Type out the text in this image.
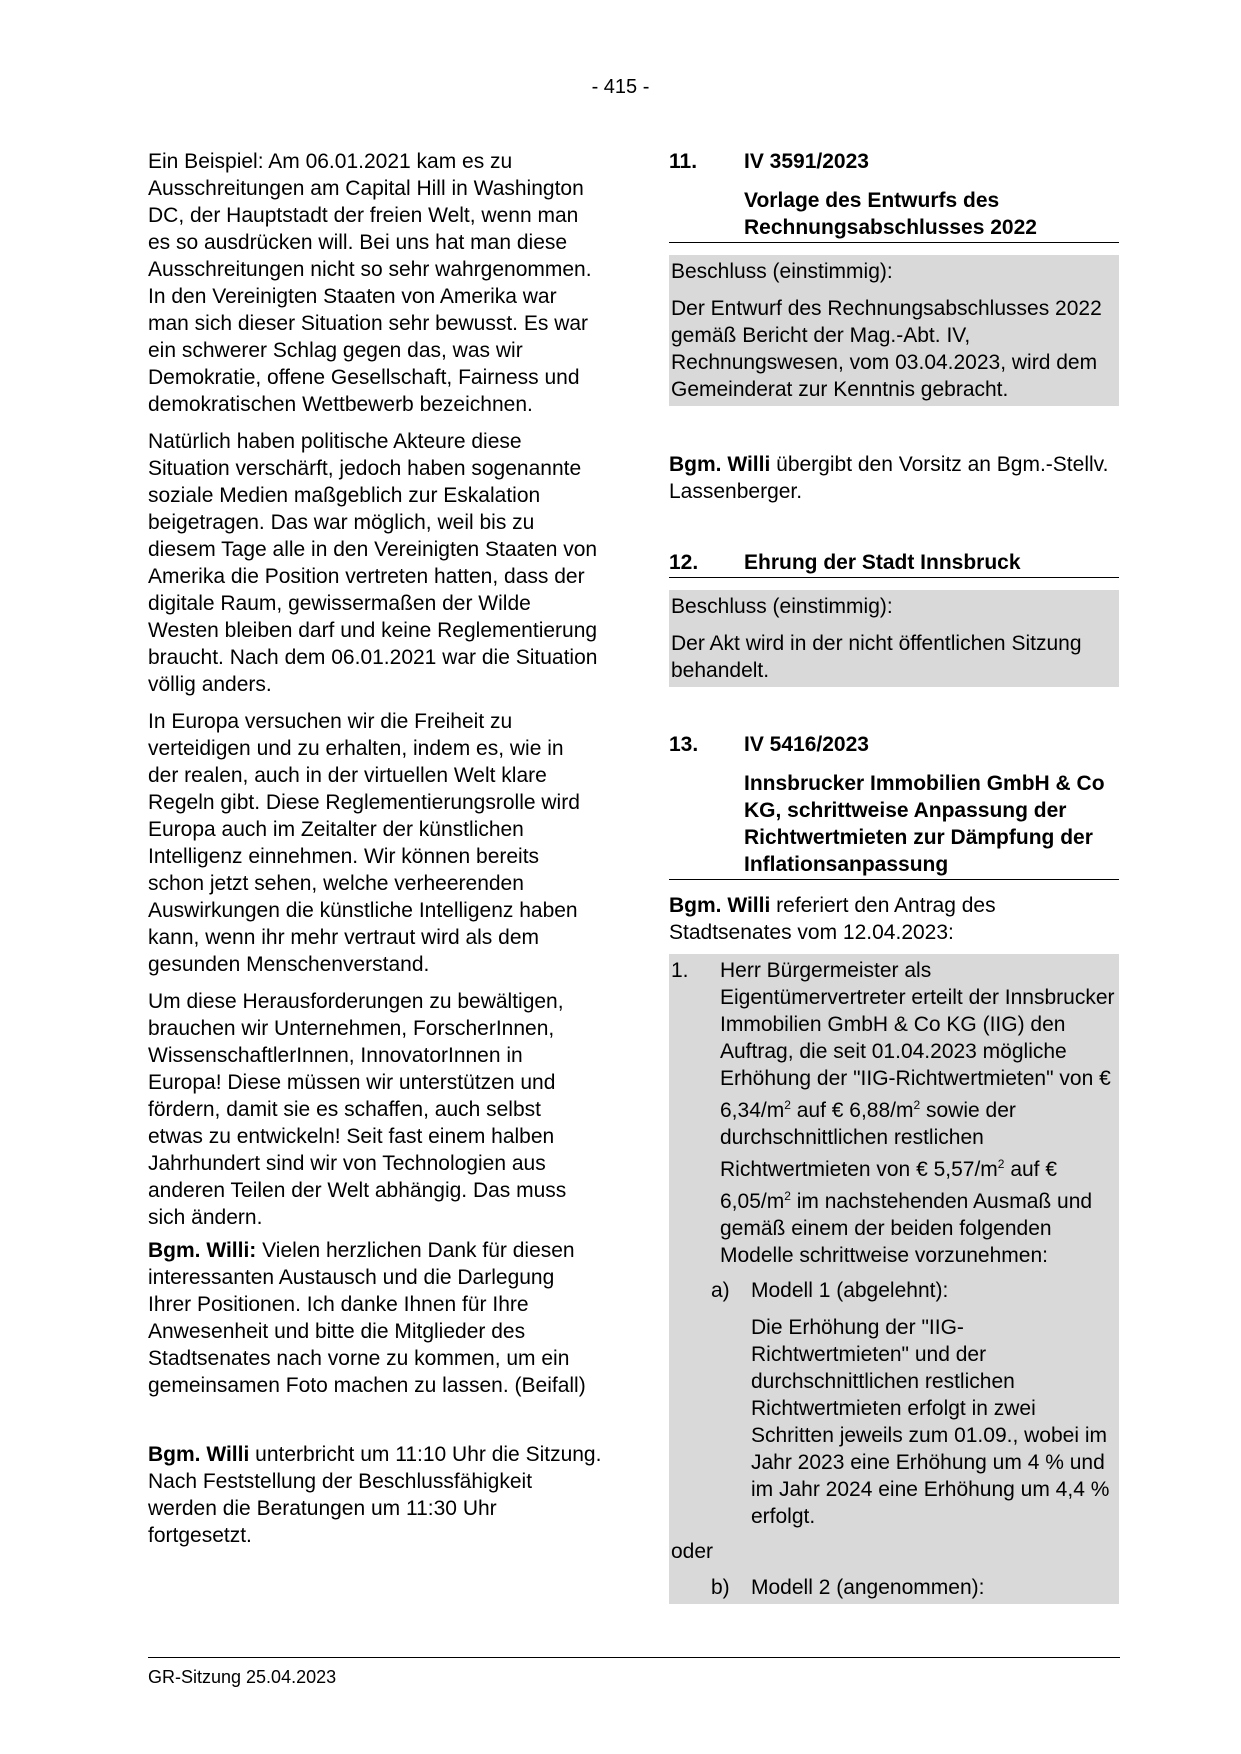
- 415 -

Ein Beispiel: Am 06.01.2021 kam es zu Ausschreitungen am Capital Hill in Washington DC, der Hauptstadt der freien Welt, wenn man es so ausdrücken will. Bei uns hat man diese Ausschreitungen nicht so sehr wahrgenommen. In den Vereinigten Staaten von Amerika war man sich dieser Situation sehr bewusst. Es war ein schwerer Schlag gegen das, was wir Demokratie, offene Gesellschaft, Fairness und demokratischen Wettbewerb bezeichnen.

Natürlich haben politische Akteure diese Situation verschärft, jedoch haben sogenannte soziale Medien maßgeblich zur Eskalation beigetragen. Das war möglich, weil bis zu diesem Tage alle in den Vereinigten Staaten von Amerika die Position vertreten hatten, dass der digitale Raum, gewissermaßen der Wilde Westen bleiben darf und keine Reglementierung braucht. Nach dem 06.01.2021 war die Situation völlig anders.

In Europa versuchen wir die Freiheit zu verteidigen und zu erhalten, indem es, wie in der realen, auch in der virtuellen Welt klare Regeln gibt. Diese Reglementierungsrolle wird Europa auch im Zeitalter der künstlichen Intelligenz einnehmen. Wir können bereits schon jetzt sehen, welche verheerenden Auswirkungen die künstliche Intelligenz haben kann, wenn ihr mehr vertraut wird als dem gesunden Menschenverstand.

Um diese Herausforderungen zu bewältigen, brauchen wir Unternehmen, ForscherInnen, WissenschaftlerInnen, InnovatorInnen in Europa! Diese müssen wir unterstützen und fördern, damit sie es schaffen, auch selbst etwas zu entwickeln! Seit fast einem halben Jahrhundert sind wir von Technologien aus anderen Teilen der Welt abhängig. Das muss sich ändern.

Bgm. Willi: Vielen herzlichen Dank für diesen interessanten Austausch und die Darlegung Ihrer Positionen. Ich danke Ihnen für Ihre Anwesenheit und bitte die Mitglieder des Stadtsenates nach vorne zu kommen, um ein gemeinsamen Foto machen zu lassen. (Beifall)

Bgm. Willi unterbricht um 11:10 Uhr die Sitzung. Nach Feststellung der Beschlussfähigkeit werden die Beratungen um 11:30 Uhr fortgesetzt.

11.	IV 3591/2023
Vorlage des Entwurfs des Rechnungsabschlusses 2022

Beschluss (einstimmig):

Der Entwurf des Rechnungsabschlusses 2022 gemäß Bericht der Mag.-Abt. IV, Rechnungswesen, vom 03.04.2023, wird dem Gemeinderat zur Kenntnis gebracht.

Bgm. Willi übergibt den Vorsitz an Bgm.-Stellv. Lassenberger.

12.	Ehrung der Stadt Innsbruck

Beschluss (einstimmig):

Der Akt wird in der nicht öffentlichen Sitzung behandelt.

13.	IV 5416/2023
Innsbrucker Immobilien GmbH & Co KG, schrittweise Anpassung der Richtwertmieten zur Dämpfung der Inflationsanpassung

Bgm. Willi referiert den Antrag des Stadtsenates vom 12.04.2023:

1.	Herr Bürgermeister als Eigentümervertreter erteilt der Innsbrucker Immobilien GmbH & Co KG (IIG) den Auftrag, die seit 01.04.2023 mögliche Erhöhung der "IIG-Richtwertmieten" von € $6,34/m^2$ auf € $6,88/m^2$ sowie der durchschnittlichen restlichen Richtwertmieten von € $5,57/m^2$ auf € $6,05/m^2$ im nachstehenden Ausmaß und gemäß einem der beiden folgenden Modelle schrittweise vorzunehmen:
a)	Modell 1 (abgelehnt):
Die Erhöhung der "IIG-Richtwertmieten" und der durchschnittlichen restlichen Richtwertmieten erfolgt in zwei Schritten jeweils zum 01.09., wobei im Jahr 2023 eine Erhöhung um 4 % und im Jahr 2024 eine Erhöhung um 4,4 % erfolgt.
oder
b)	Modell 2 (angenommen):
GR-Sitzung 25.04.2023
